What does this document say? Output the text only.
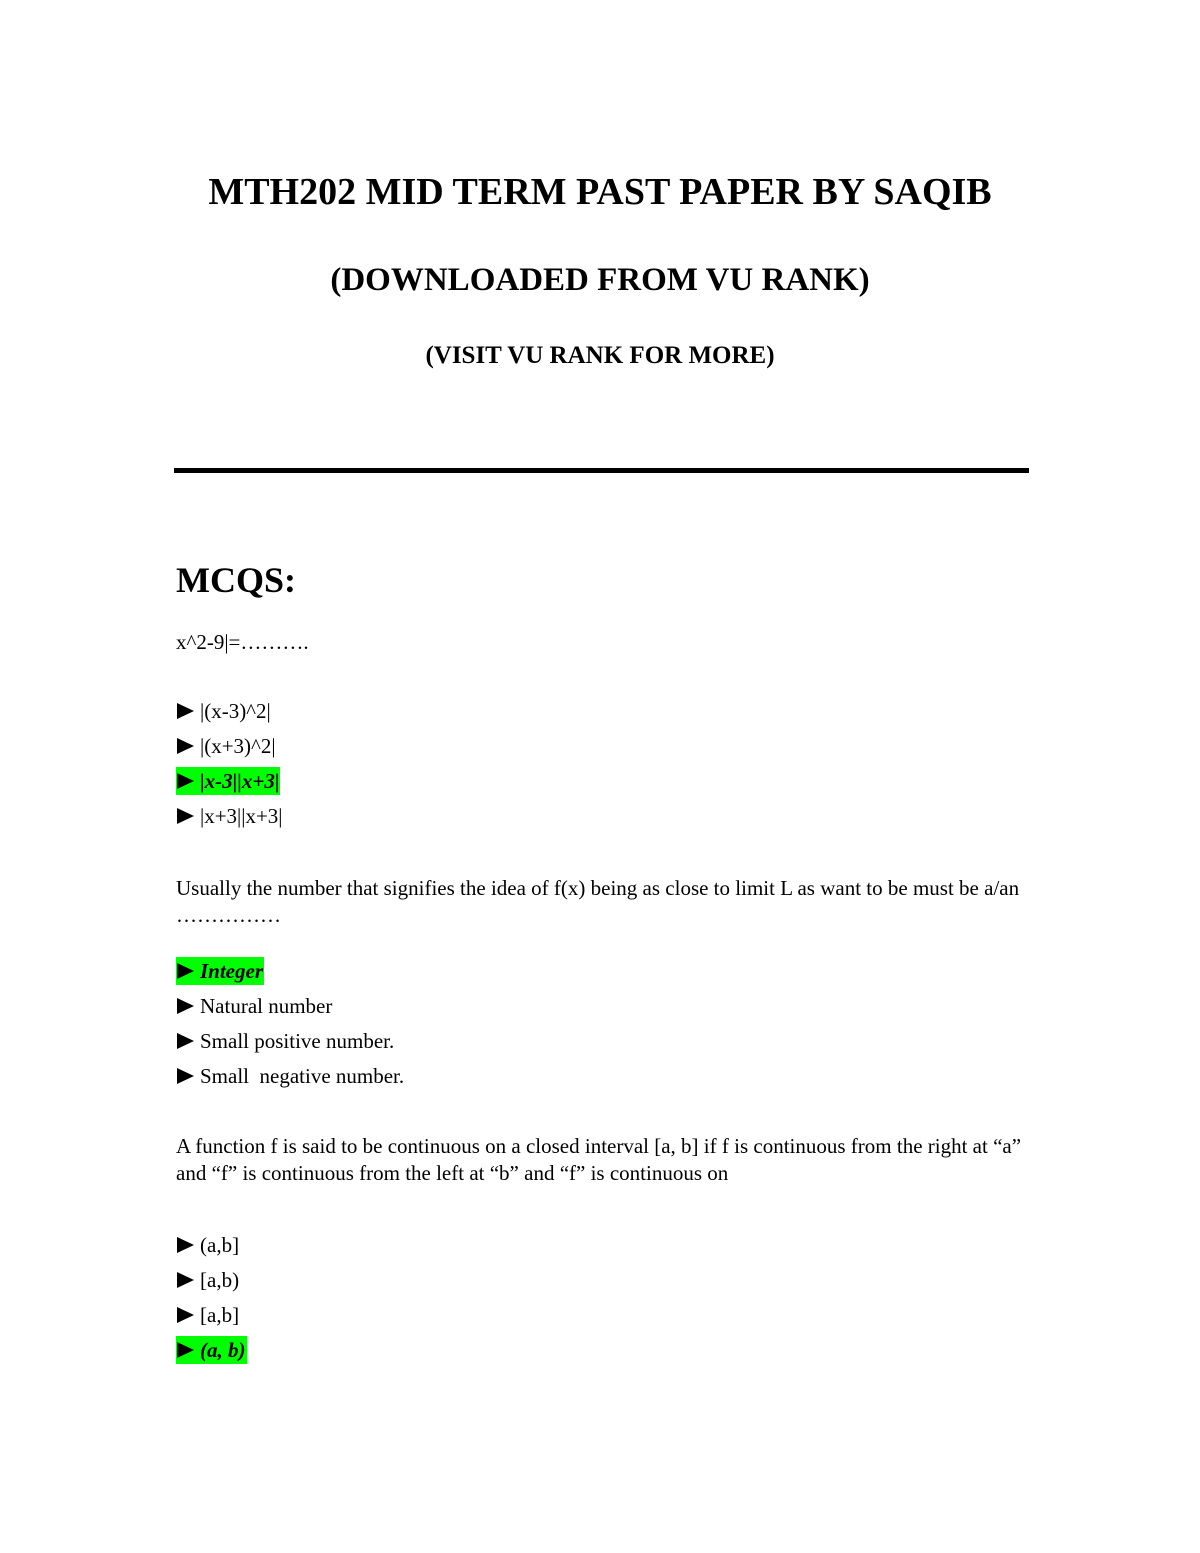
MTH202 MID TERM PAST PAPER BY SAQIB
(DOWNLOADED FROM VU RANK)
(VISIT VU RANK FOR MORE)
MCQS:

x^2-9|=……….

|(x-3)^2|
|(x+3)^2|
|x-3||x+3|
|x+3||x+3|

Usually the number that signifies the idea of f(x) being as close to limit L as want to be must be a/an ……………

Integer
Natural number
Small positive number.
Small  negative number.

A function f is said to be continuous on a closed interval [a, b] if f is continuous from the right at “a” and “f” is continuous from the left at “b” and “f” is continuous on

(a,b]
[a,b)
[a,b]
(a, b)
